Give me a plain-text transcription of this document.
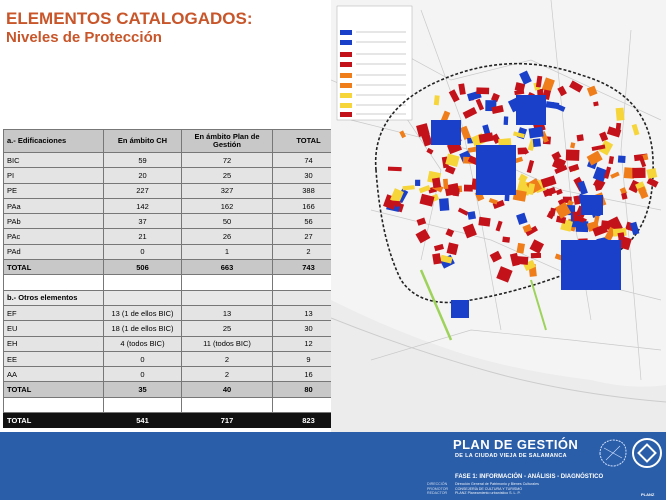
ELEMENTOS CATALOGADOS:
Niveles de Protección
a.- Edificaciones	En ámbito CH	En ámbito Plan de Gestión	TOTAL
BIC	59	72	74
PI	20	25	30
PE	227	327	388
PAa	142	162	166
PAb	37	50	56
PAc	21	26	27
PAd	0	1	2
TOTAL	506	663	743

b.- Otros elementos			
EF	13 (1 de ellos BIC)	13	13
EU	18 (1 de ellos BIC)	25	30
EH	4 (todos BIC)	11 (todos BIC)	12
EE	0	2	9
AA	0	2	16
TOTAL	35	40	80

TOTAL	541	717	823
PLAN DE GESTIÓN
DE LA CIUDAD VIEJA DE SALAMANCA
FASE 1: INFORMACIÓN - ANÁLISIS - DIAGNÓSTICO
DIRECCIÓN Dirección General de Patrimonio y Bienes Culturales
PROMOTOR CONSEJERÍA DE CULTURA Y TURISMO
REDACTOR PLANZ Planeamiento urbanístico S. L. P.	PLANZ
